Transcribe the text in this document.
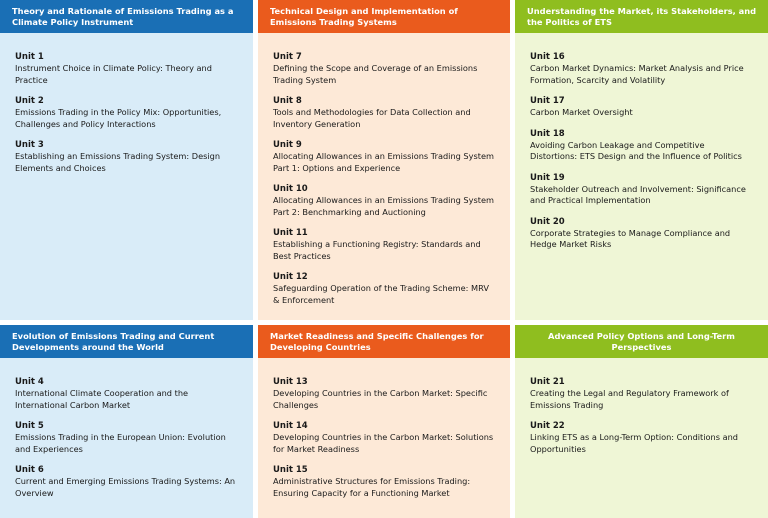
Theory and Rationale of Emissions Trading as a Climate Policy Instrument
Unit 1
Instrument Choice in Climate Policy: Theory and Practice
Unit 2
Emissions Trading in the Policy Mix: Opportunities, Challenges and Policy Interactions
Unit 3
Establishing an Emissions Trading System: Design Elements and Choices
Evolution of Emissions Trading and Current Developments around the World
Unit 4
International Climate Cooperation and the International Carbon Market
Unit 5
Emissions Trading in the European Union: Evolution and Experiences
Unit 6
Current and Emerging Emissions Trading Systems: An Overview
Technical Design and Implementation of Emissions Trading Systems
Unit 7
Defining the Scope and Coverage of an Emissions Trading System
Unit 8
Tools and Methodologies for Data Collection and Inventory Generation
Unit 9
Allocating Allowances in an Emissions Trading System Part 1: Options and Experience
Unit 10
Allocating Allowances in an Emissions Trading System Part 2: Benchmarking and Auctioning
Unit 11
Establishing a Functioning Registry: Standards and Best Practices
Unit 12
Safeguarding Operation of the Trading Scheme: MRV & Enforcement
Market Readiness and Specific Challenges for Developing Countries
Unit 13
Developing Countries in the Carbon Market: Specific Challenges
Unit 14
Developing Countries in the Carbon Market: Solutions for Market Readiness
Unit 15
Administrative Structures for Emissions Trading: Ensuring Capacity for a Functioning Market
Understanding the Market, its Stakeholders, and the Politics of ETS
Unit 16
Carbon Market Dynamics: Market Analysis and Price Formation, Scarcity and Volatility
Unit 17
Carbon Market Oversight
Unit 18
Avoiding Carbon Leakage and Competitive Distortions: ETS Design and the Influence of Politics
Unit 19
Stakeholder Outreach and Involvement: Significance and Practical Implementation
Unit 20
Corporate Strategies to Manage Compliance and Hedge Market Risks
Advanced Policy Options and Long-Term Perspectives
Unit 21
Creating the Legal and Regulatory Framework of Emissions Trading
Unit 22
Linking ETS as a Long-Term Option: Conditions and Opportunities
